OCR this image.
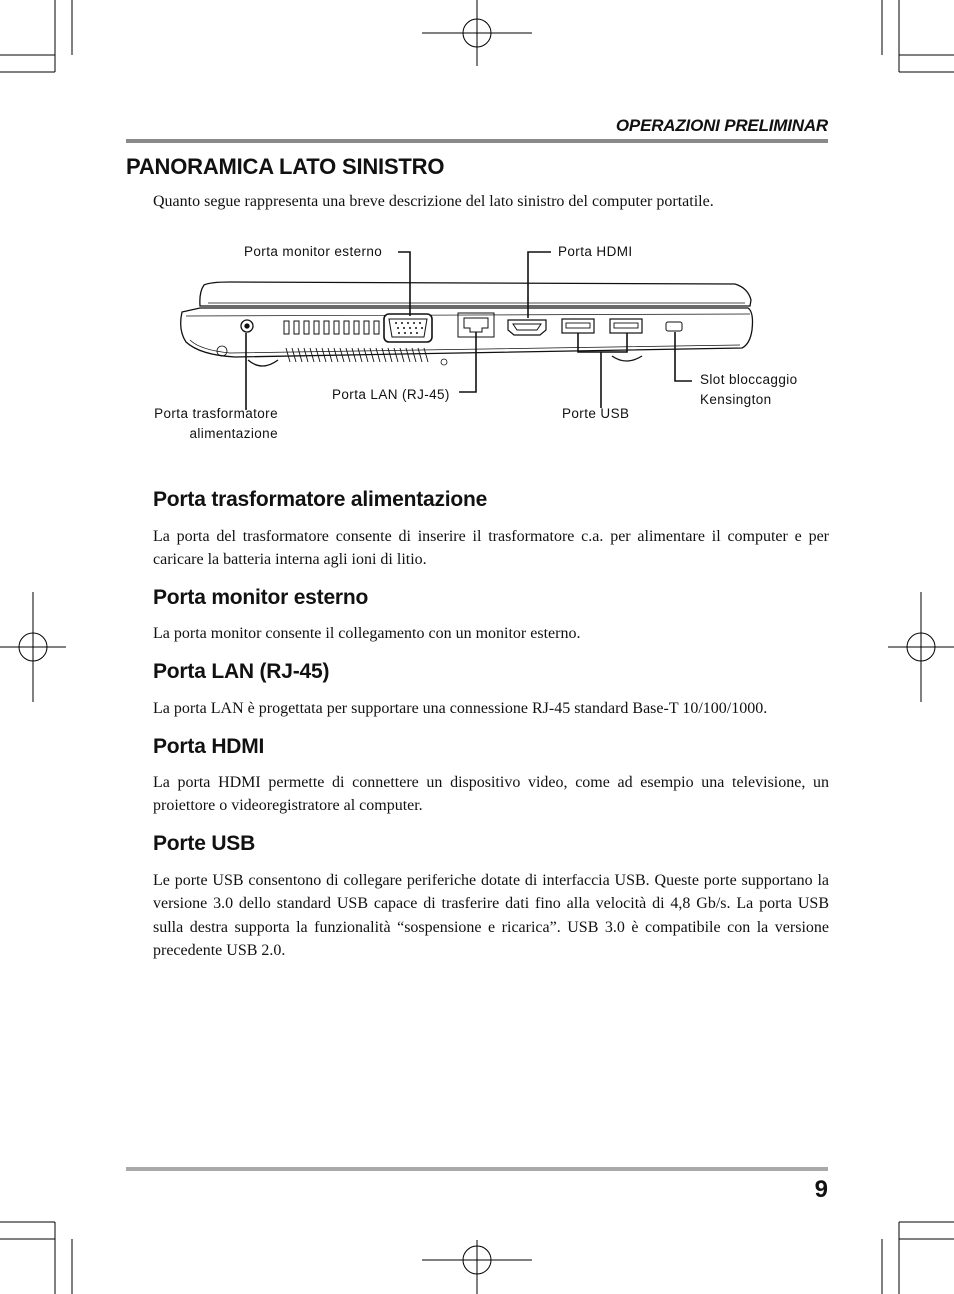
OPERAZIONI PRELIMINAR
PANORAMICA LATO SINISTRO
Quanto segue rappresenta una breve descrizione del lato sinistro del computer portatile.
Porta monitor esterno	Porta HDMI
Slot bloccaggio
Kensington
Porta LAN (RJ-45)
Porte USB
Porta trasformatore
alimentazione
Porta trasformatore alimentazione
La porta del trasformatore consente di inserire il trasformatore c.a. per alimentare il computer e per caricare la batteria interna agli ioni di litio.
Porta monitor esterno
La porta monitor consente il collegamento con un monitor esterno.
Porta LAN (RJ-45)
La porta LAN è progettata per supportare una connessione RJ-45 standard Base-T 10/100/1000.
Porta HDMI
La porta HDMI permette di connettere un dispositivo video, come ad esempio una televisione, un proiettore o videoregistratore al computer.
Porte USB
Le porte USB consentono di collegare periferiche dotate di interfaccia USB. Queste porte supportano la versione 3.0 dello standard USB capace di trasferire dati fino alla velocità di 4,8 Gb/s. La porta USB sulla destra supporta la funzionalità “sospensione e ricarica”. USB 3.0 è compatibile con la versione precedente USB 2.0.
9
